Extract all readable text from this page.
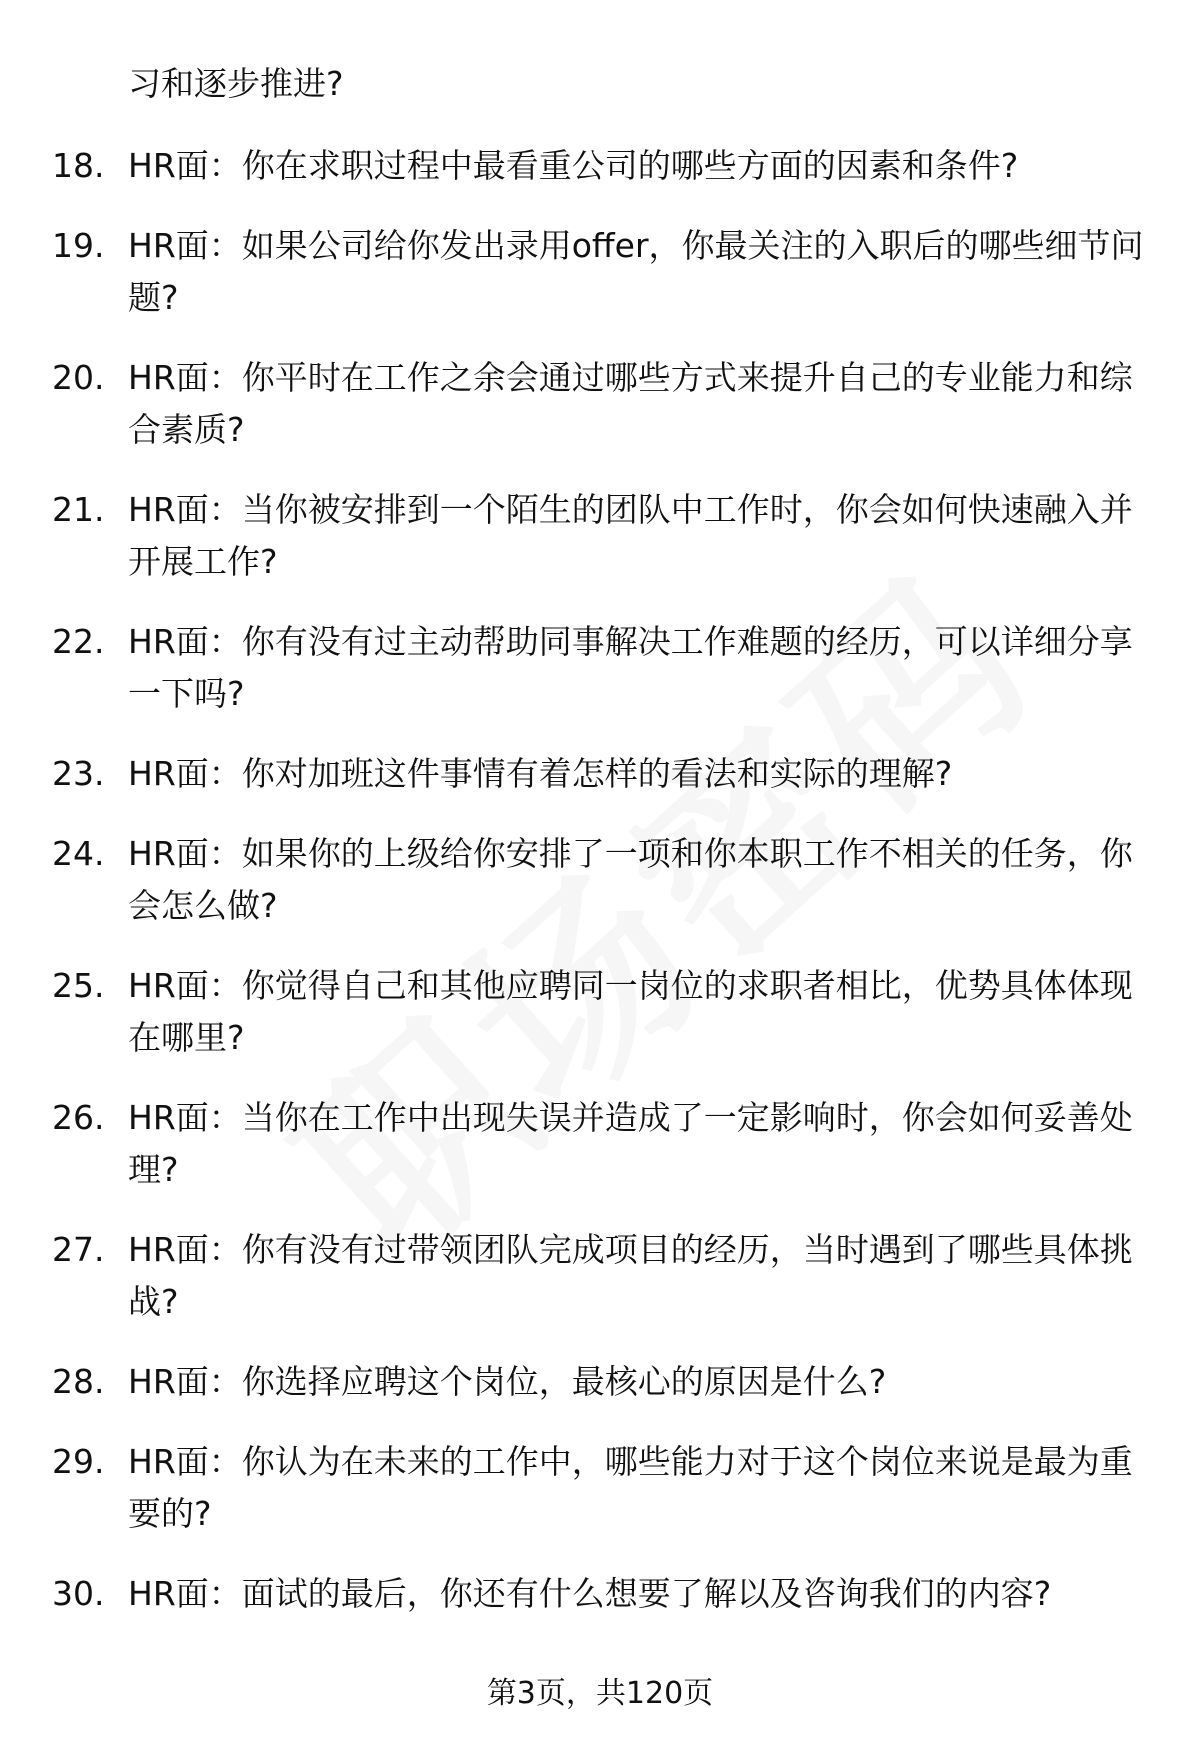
习和逐步推进?
18. HR面：你在求职过程中最看重公司的哪些方面的因素和条件?
19. HR面：如果公司给你发出录用offer，你最关注的入职后的哪些细节问题?
20. HR面：你平时在工作之余会通过哪些方式来提升自己的专业能力和综合素质?
21. HR面：当你被安排到一个陌生的团队中工作时，你会如何快速融入并开展工作?
22. HR面：你有没有过主动帮助同事解决工作难题的经历，可以详细分享一下吗?
23. HR面：你对加班这件事情有着怎样的看法和实际的理解?
24. HR面：如果你的上级给你安排了一项和你本职工作不相关的任务，你会怎么做?
25. HR面：你觉得自己和其他应聘同一岗位的求职者相比，优势具体体现在哪里?
26. HR面：当你在工作中出现失误并造成了一定影响时，你会如何妥善处理?
27. HR面：你有没有过带领团队完成项目的经历，当时遇到了哪些具体挑战?
28. HR面：你选择应聘这个岗位，最核心的原因是什么?
29. HR面：你认为在未来的工作中，哪些能力对于这个岗位来说是最为重要的?
30. HR面：面试的最后，你还有什么想要了解以及咨询我们的内容?
第3页，共120页
